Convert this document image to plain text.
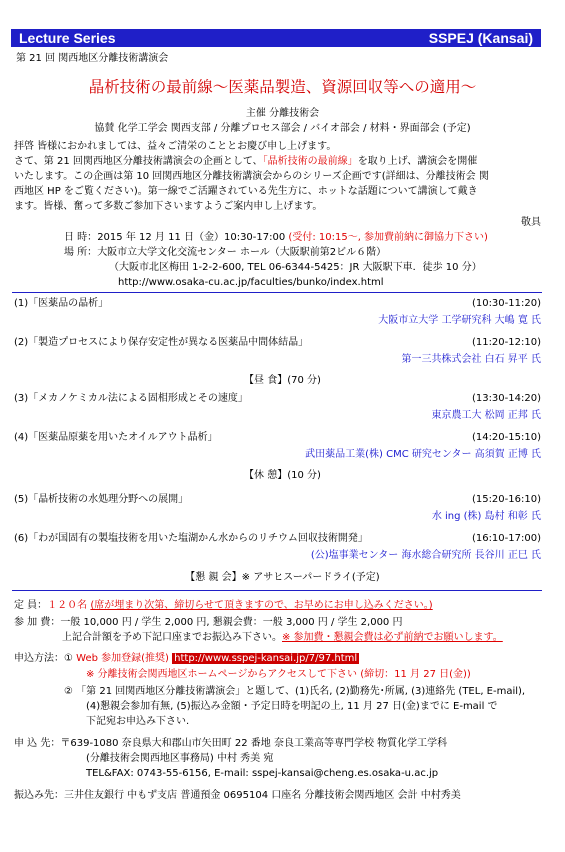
Lecture Series	SSPEJ (Kansai)
第 21 回 関西地区分離技術講演会
晶析技術の最前線～医薬品製造、資源回収等への適用～
主催 分離技術会
協賛 化学工学会 関西支部 / 分離プロセス部会 / バイオ部会 / 材料・界面部会 (予定)
拝啓 皆様におかれましては、益々ご清栄のこととお慶び申し上げます。
さて、第 21 回関西地区分離技術講演会の企画として、「晶析技術の最前線」を取り上げ、講演会を開催
いたします。この企画は第 10 回関西地区分離技術講演会からのシリーズ企画です(詳細は、分離技術会 関
西地区 HP をご覧ください)。第一線でご活躍されている先生方に、ホットな話題について講演して戴き
ます。皆様、奮って多数ご参加下さいますようご案内申し上げます。
敬具
日 時：2015 年 12 月 11 日（金）10:30-17:00 (受付: 10:15～, 参加費前納に御協力下さい)
場 所：大阪市立大学文化交流センター ホール（大阪駅前第2ビル６階）
（大阪市北区梅田 1-2-2-600, TEL 06-6344-5425：JR 大阪駅下車．徒歩 10 分）
http://www.osaka-cu.ac.jp/faculties/bunko/index.html
(1)「医薬品の晶析」	(10:30-11:20)
大阪市立大学 工学研究科 大嶋 寛 氏
(2)「製造プロセスにより保存安定性が異なる医薬品中間体結晶」	(11:20-12:10)
第一三共株式会社 白石 昇平 氏
【昼 食】(70 分)
(3)「メカノケミカル法による固相形成とその速度」	(13:30-14:20)
東京農工大 松岡 正邦 氏
(4)「医薬品原薬を用いたオイルアウト晶析」	(14:20-15:10)
武田薬品工業(株) CMC 研究センター 高須賀 正博 氏
【休 憩】(10 分)
(5)「晶析技術の水処理分野への展開」	(15:20-16:10)
水 ing (株) 島村 和彰 氏
(6)「わが国固有の製塩技術を用いた塩湖かん水からのリチウム回収技術開発」	(16:10-17:00)
(公)塩事業センター 海水総合研究所 長谷川 正巳 氏
【懇 親 会】※ アサヒスーパードライ(予定)
定 員：１２０名 (席が埋まり次第、締切らせて頂きますので、お早めにお申し込みください。)
参 加 費：一般 10,000 円 / 学生 2,000 円, 懇親会費：一般 3,000 円 / 学生 2,000 円
上記合計額を予め下記口座までお振込み下さい。※ 参加費・懇親会費は必ず前納でお願いします。
申込方法：① Web 参加登録(推奨) http://www.sspej-kansai.jp/7/97.html
※ 分離技術会関西地区ホームページからアクセスして下さい (締切：11 月 27 日(金))
② 「第 21 回関西地区分離技術講演会」と題して、(1)氏名, (2)勤務先･所属, (3)連絡先 (TEL, E-mail),
(4)懇親会参加有無, (5)振込み金額・予定日時を明記の上, 11 月 27 日(金)までに E-mail で
下記宛お申込み下さい.
申 込 先：〒639-1080 奈良県大和郡山市矢田町 22 番地 奈良工業高等専門学校 物質化学工学科
(分離技術会関西地区事務局) 中村 秀美 宛
TEL&FAX: 0743-55-6156, E-mail: sspej-kansai@cheng.es.osaka-u.ac.jp
振込み先：三井住友銀行 中もず支店 普通預金 0695104 口座名 分離技術会関西地区 会計 中村秀美
